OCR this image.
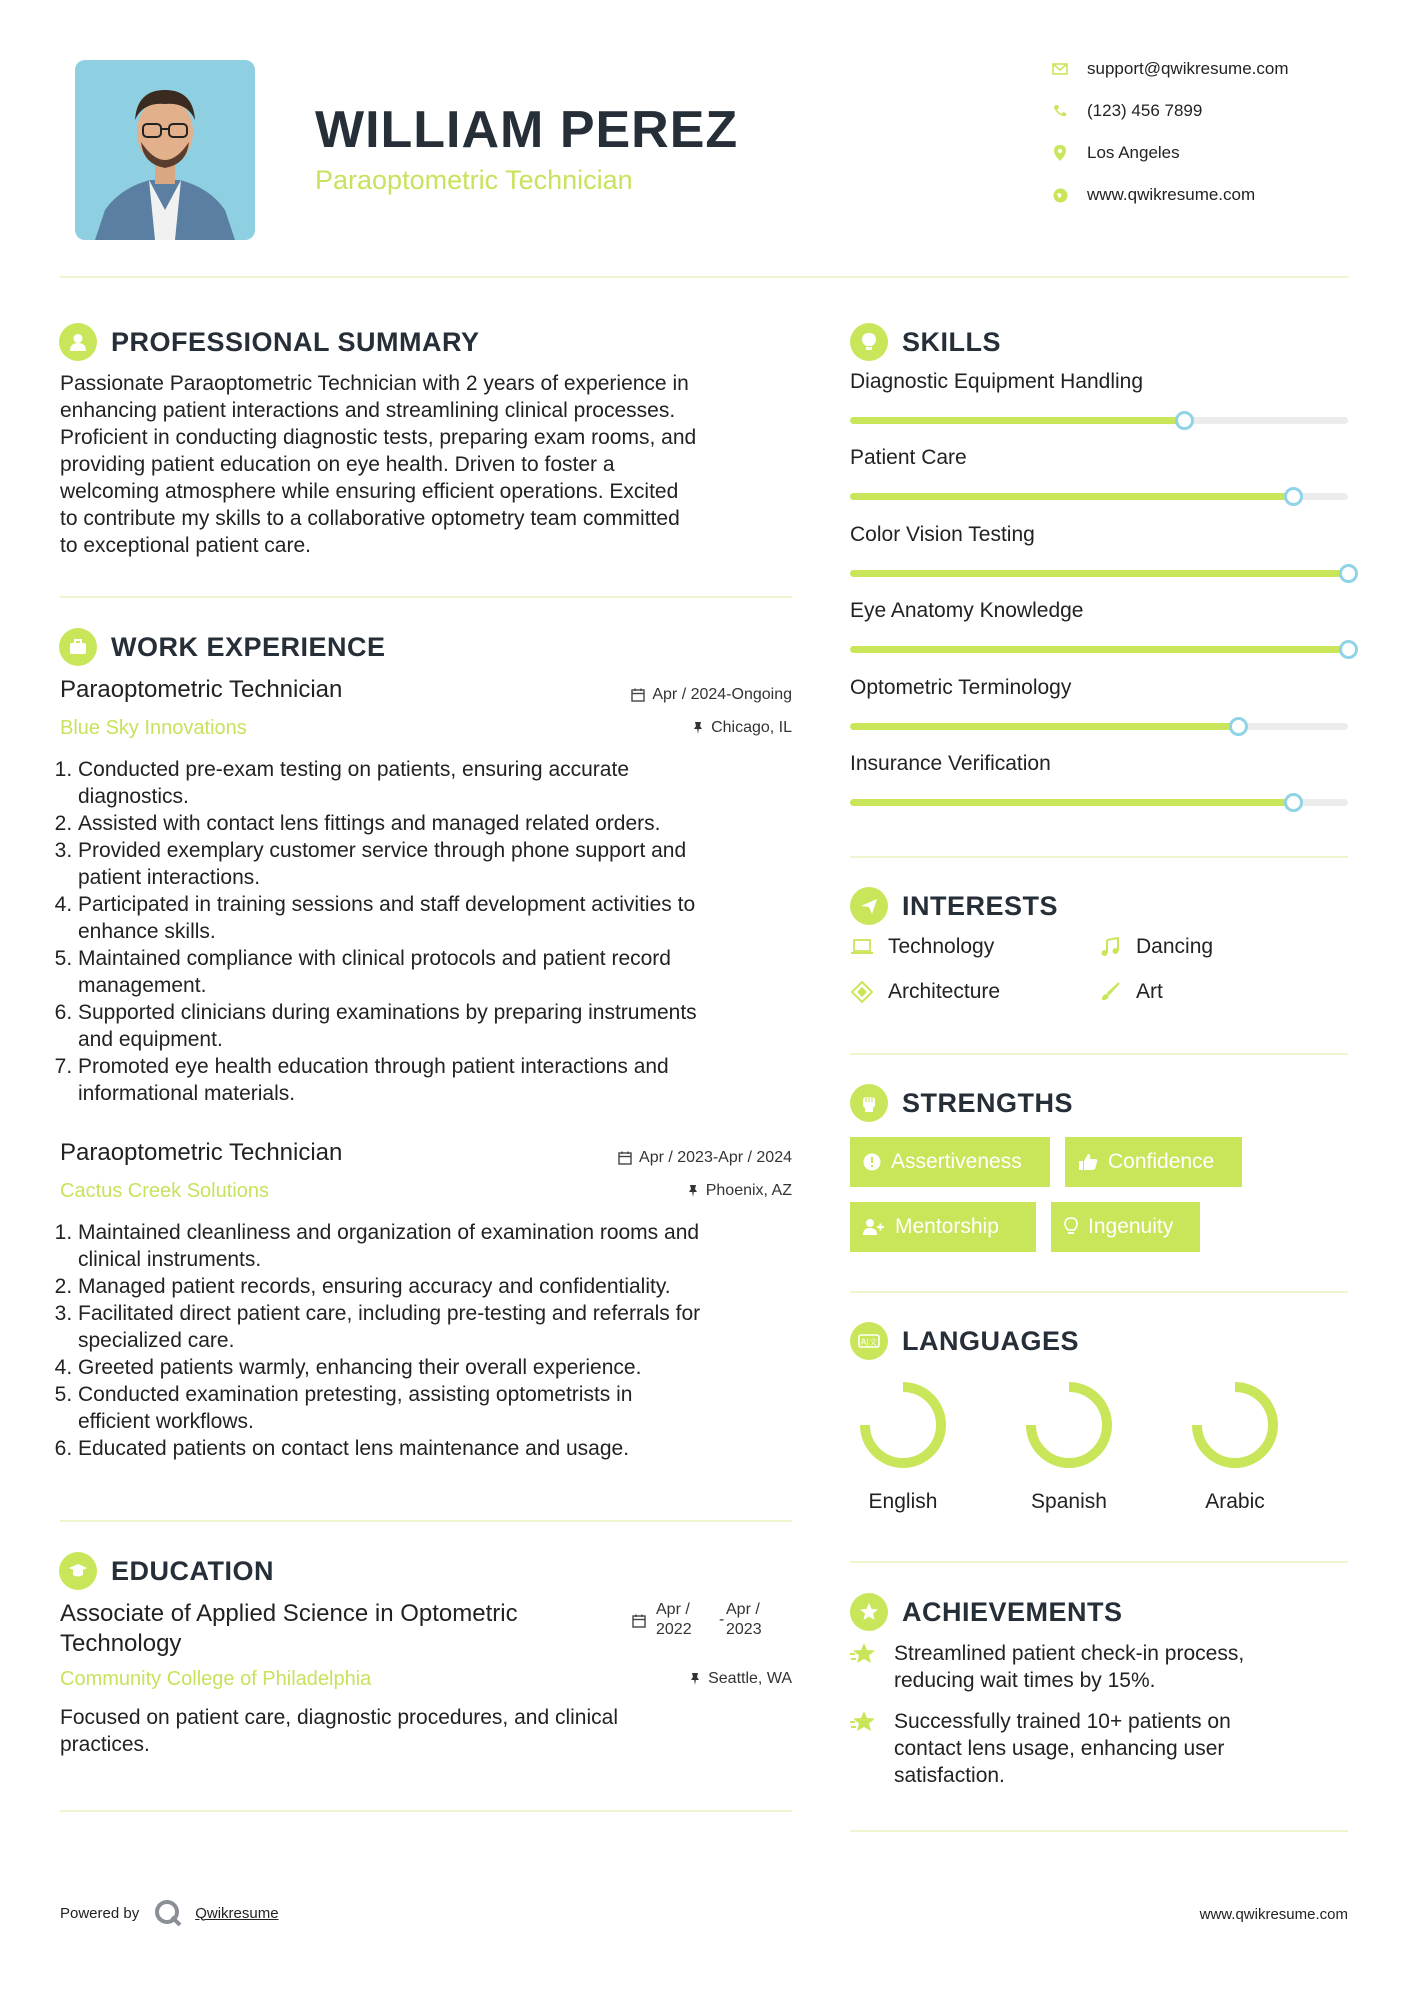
WILLIAM PEREZ
Paraoptometric Technician
support@qwikresume.com
(123) 456 7899
Los Angeles
www.qwikresume.com
PROFESSIONAL SUMMARY
Passionate Paraoptometric Technician with 2 years of experience in
enhancing patient interactions and streamlining clinical processes.
Proficient in conducting diagnostic tests, preparing exam rooms, and
providing patient education on eye health. Driven to foster a
welcoming atmosphere while ensuring efficient operations. Excited
to contribute my skills to a collaborative optometry team committed
to exceptional patient care.
WORK EXPERIENCE
Paraoptometric Technician	Apr / 2024-Ongoing
Blue Sky Innovations	Chicago, IL
1. Conducted pre-exam testing on patients, ensuring accurate
diagnostics.
2. Assisted with contact lens fittings and managed related orders.
3. Provided exemplary customer service through phone support and
patient interactions.
4. Participated in training sessions and staff development activities to
enhance skills.
5. Maintained compliance with clinical protocols and patient record
management.
6. Supported clinicians during examinations by preparing instruments
and equipment.
7. Promoted eye health education through patient interactions and
informational materials.
Paraoptometric Technician	Apr / 2023-Apr / 2024
Cactus Creek Solutions	Phoenix, AZ
1. Maintained cleanliness and organization of examination rooms and
clinical instruments.
2. Managed patient records, ensuring accuracy and confidentiality.
3. Facilitated direct patient care, including pre-testing and referrals for
specialized care.
4. Greeted patients warmly, enhancing their overall experience.
5. Conducted examination pretesting, assisting optometrists in
efficient workflows.
6. Educated patients on contact lens maintenance and usage.
EDUCATION
Associate of Applied Science in Optometric
Technology
Apr /
2022
-
Apr /
2023
Community College of Philadelphia	Seattle, WA
Focused on patient care, diagnostic procedures, and clinical
practices.
SKILLS
Diagnostic Equipment Handling
Patient Care
Color Vision Testing
Eye Anatomy Knowledge
Optometric Terminology
Insurance Verification
INTERESTS
Technology	Dancing
Architecture	Art
STRENGTHS
Assertiveness	Confidence
Mentorship	Ingenuity
A|文 LANGUAGES
English	Spanish	Arabic
ACHIEVEMENTS
Streamlined patient check-in process,
reducing wait times by 15%.
Successfully trained 10+ patients on
contact lens usage, enhancing user
satisfaction.
Powered by	Qwikresume	www.qwikresume.com
